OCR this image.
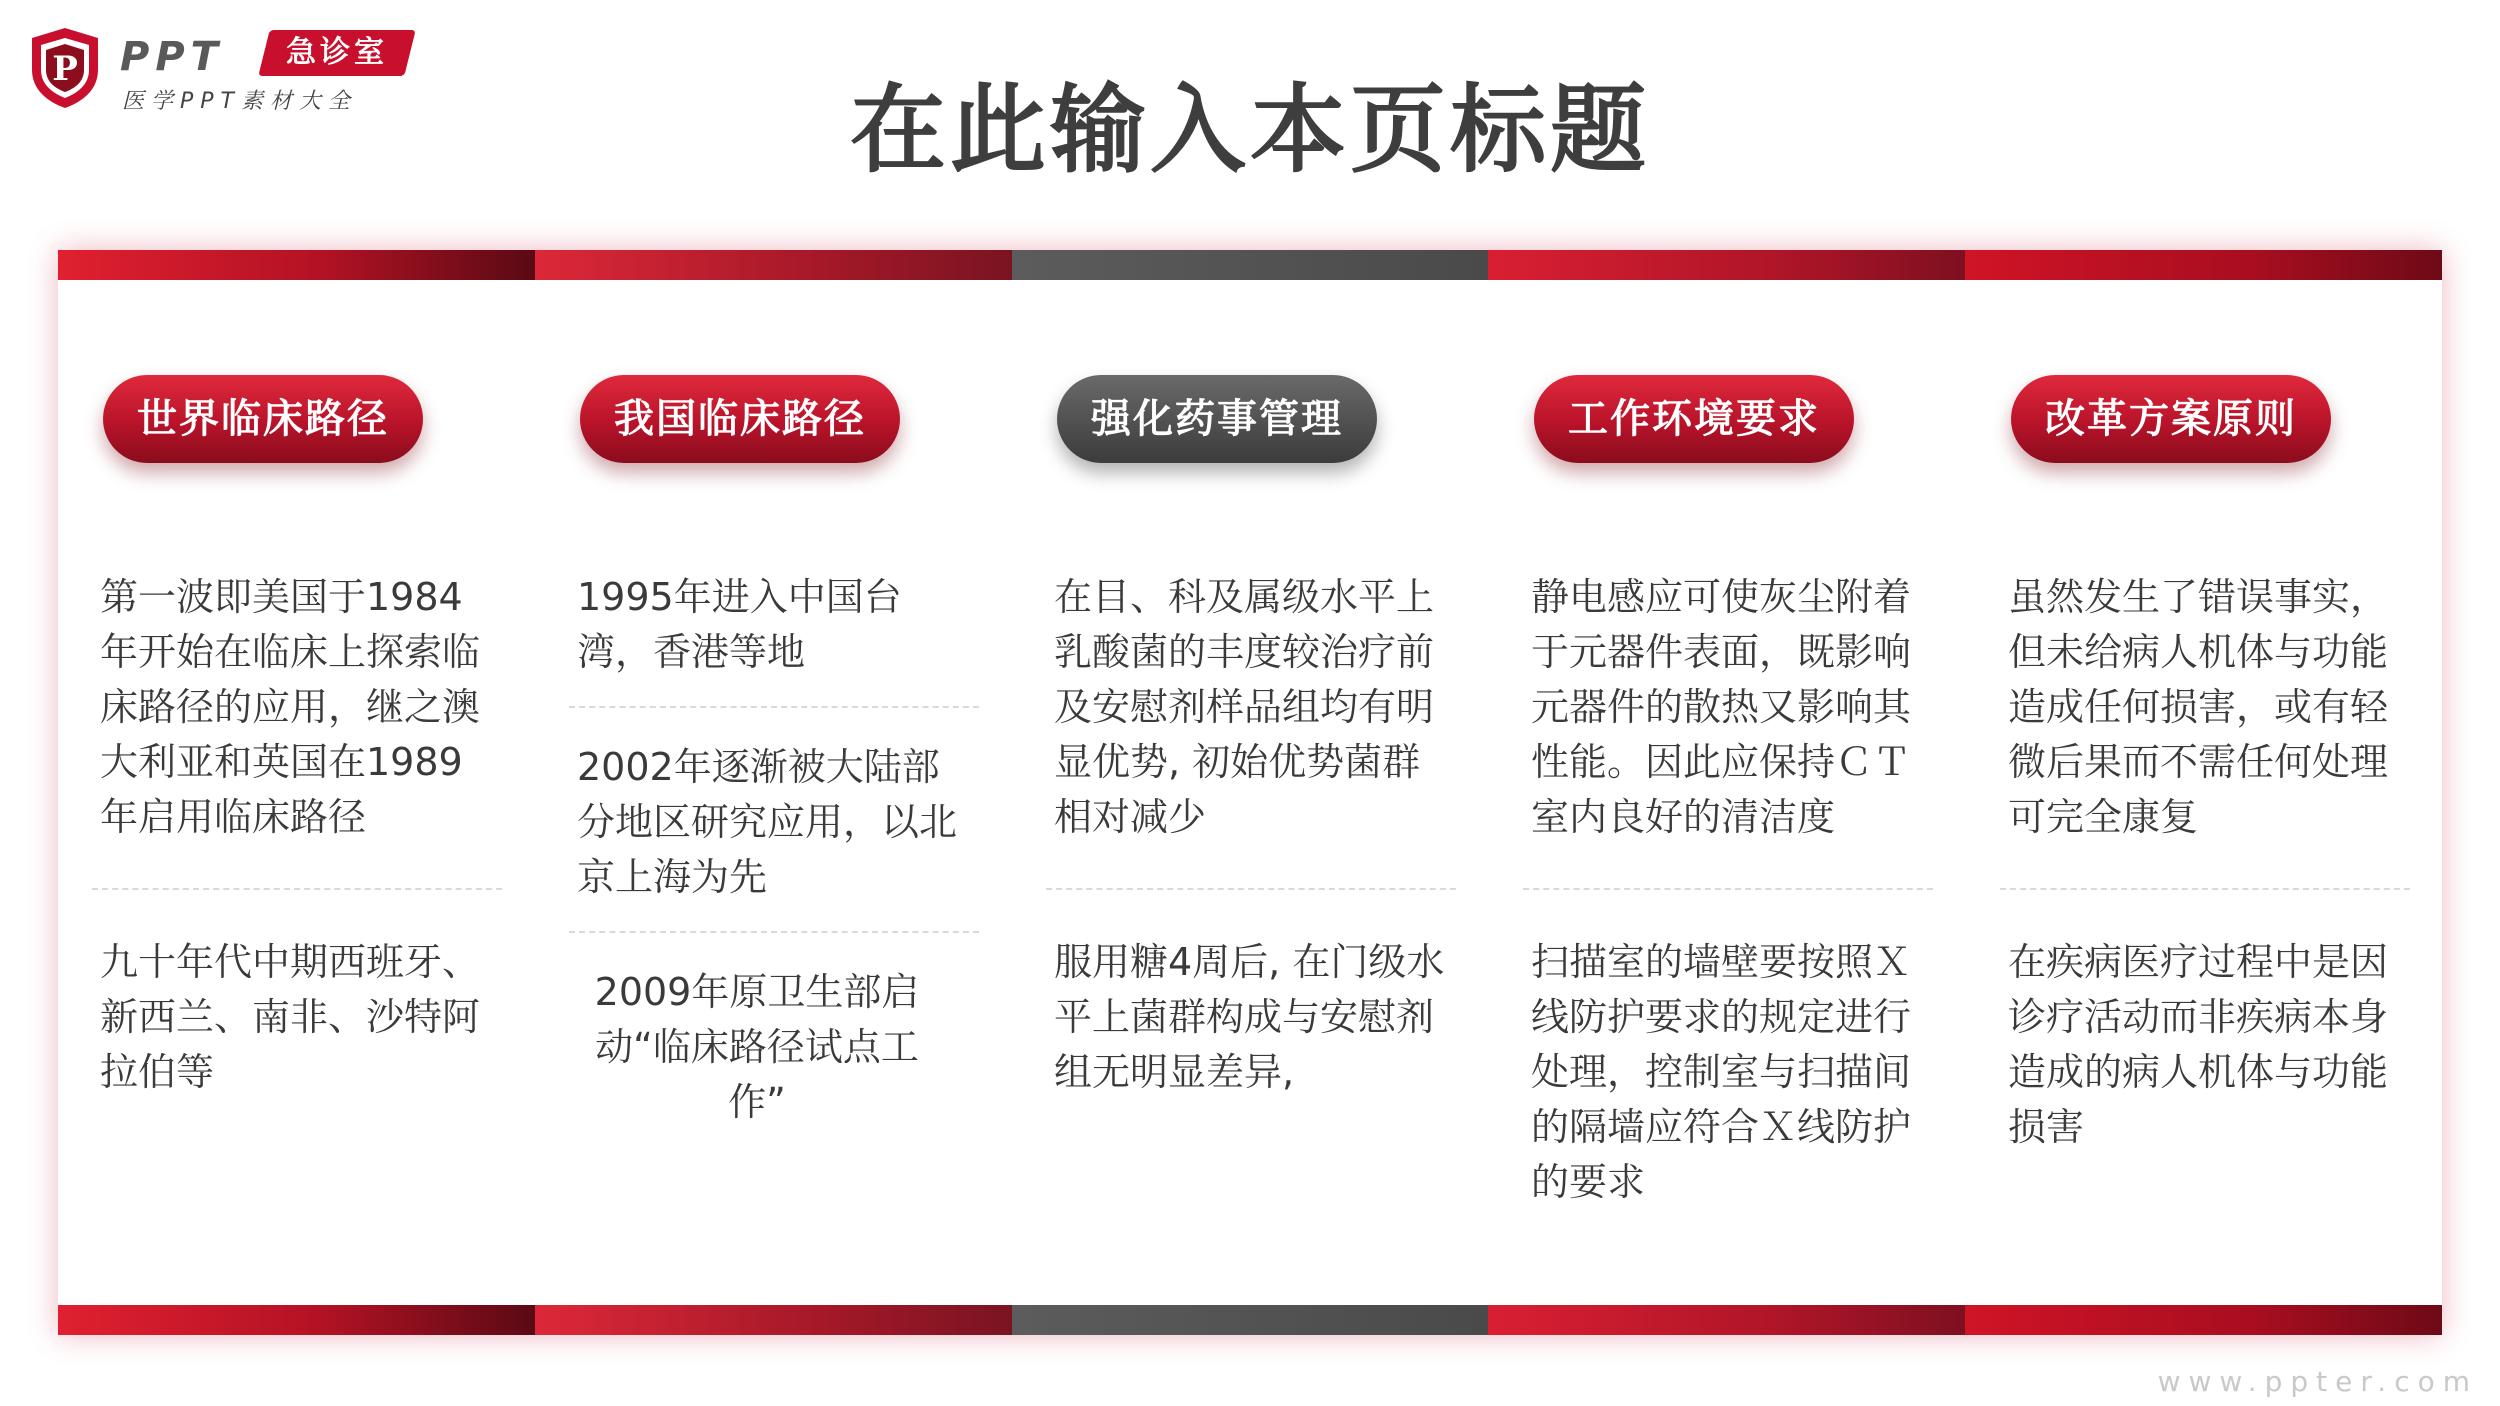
P PPT	急诊室
医学PPT素材大全	在此输入本页标题
世界临床路径
第一波即美国于1984年开始在临床上探索临床路径的应用，继之澳大利亚和英国在1989年启用临床路径
九十年代中期西班牙、新西兰、南非、沙特阿拉伯等
我国临床路径
1995年进入中国台湾，香港等地
2002年逐渐被大陆部分地区研究应用，以北京上海为先
2009年原卫生部启动“临床路径试点工作”
强化药事管理
在目、科及属级水平上乳酸菌的丰度较治疗前及安慰剂样品组均有明显优势, 初始优势菌群相对减少
服用糖4周后, 在门级水平上菌群构成与安慰剂组无明显差异,
工作环境要求
静电感应可使灰尘附着于元器件表面，既影响元器件的散热又影响其性能。因此应保持ＣＴ室内良好的清洁度
扫描室的墙壁要按照Ｘ线防护要求的规定进行处理，控制室与扫描间的隔墙应符合Ｘ线防护的要求
改革方案原则
虽然发生了错误事实，但未给病人机体与功能造成任何损害，或有轻微后果而不需任何处理可完全康复
在疾病医疗过程中是因诊疗活动而非疾病本身造成的病人机体与功能损害
www.ppter.com
